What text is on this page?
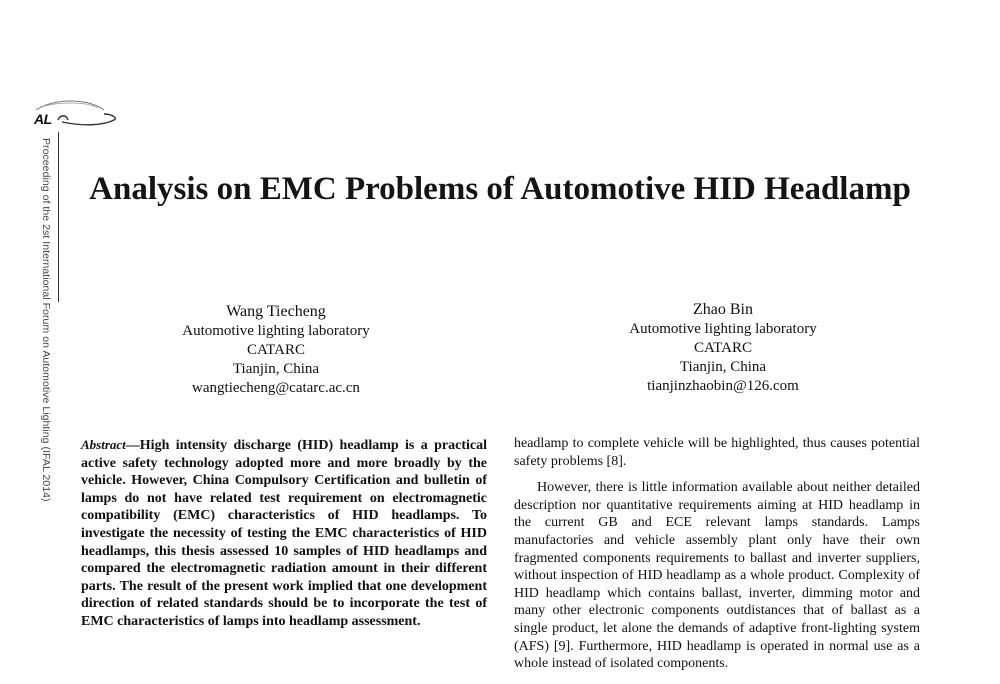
AL
Proceeding of the 2st International Forum on Automotive Lighting (IFAL 2014) Analysis on EMC Problems of Automotive HID Headlamp
Wang Tiecheng
Automotive lighting laboratory
CATARC
Tianjin, China
wangtiecheng@catarc.ac.cn
Zhao Bin
Automotive lighting laboratory
CATARC
Tianjin, China
tianjinzhaobin@126.com

Abstract—High intensity discharge (HID) headlamp is a practical active safety technology adopted more and more broadly by the vehicle. However, China Compulsory Certification and bulletin of lamps do not have related test requirement on electromagnetic compatibility (EMC) characteristics of HID headlamps. To investigate the necessity of testing the EMC characteristics of HID headlamps, this thesis assessed 10 samples of HID headlamps and compared the electromagnetic radiation amount in their different parts. The result of the present work implied that one development direction of related standards should be to incorporate the test of EMC characteristics of lamps into headlamp assessment.

headlamp to complete vehicle will be highlighted, thus causes potential safety problems [8].

However, there is little information available about neither detailed description nor quantitative requirements aiming at HID headlamp in the current GB and ECE relevant lamps standards. Lamps manufactories and vehicle assembly plant only have their own fragmented components requirements to ballast and inverter suppliers, without inspection of HID headlamp as a whole product. Complexity of HID headlamp which contains ballast, inverter, dimming motor and many other electronic components outdistances that of ballast as a single product, let alone the demands of adaptive front-lighting system (AFS) [9]. Furthermore, HID headlamp is operated in normal use as a whole instead of isolated components.
